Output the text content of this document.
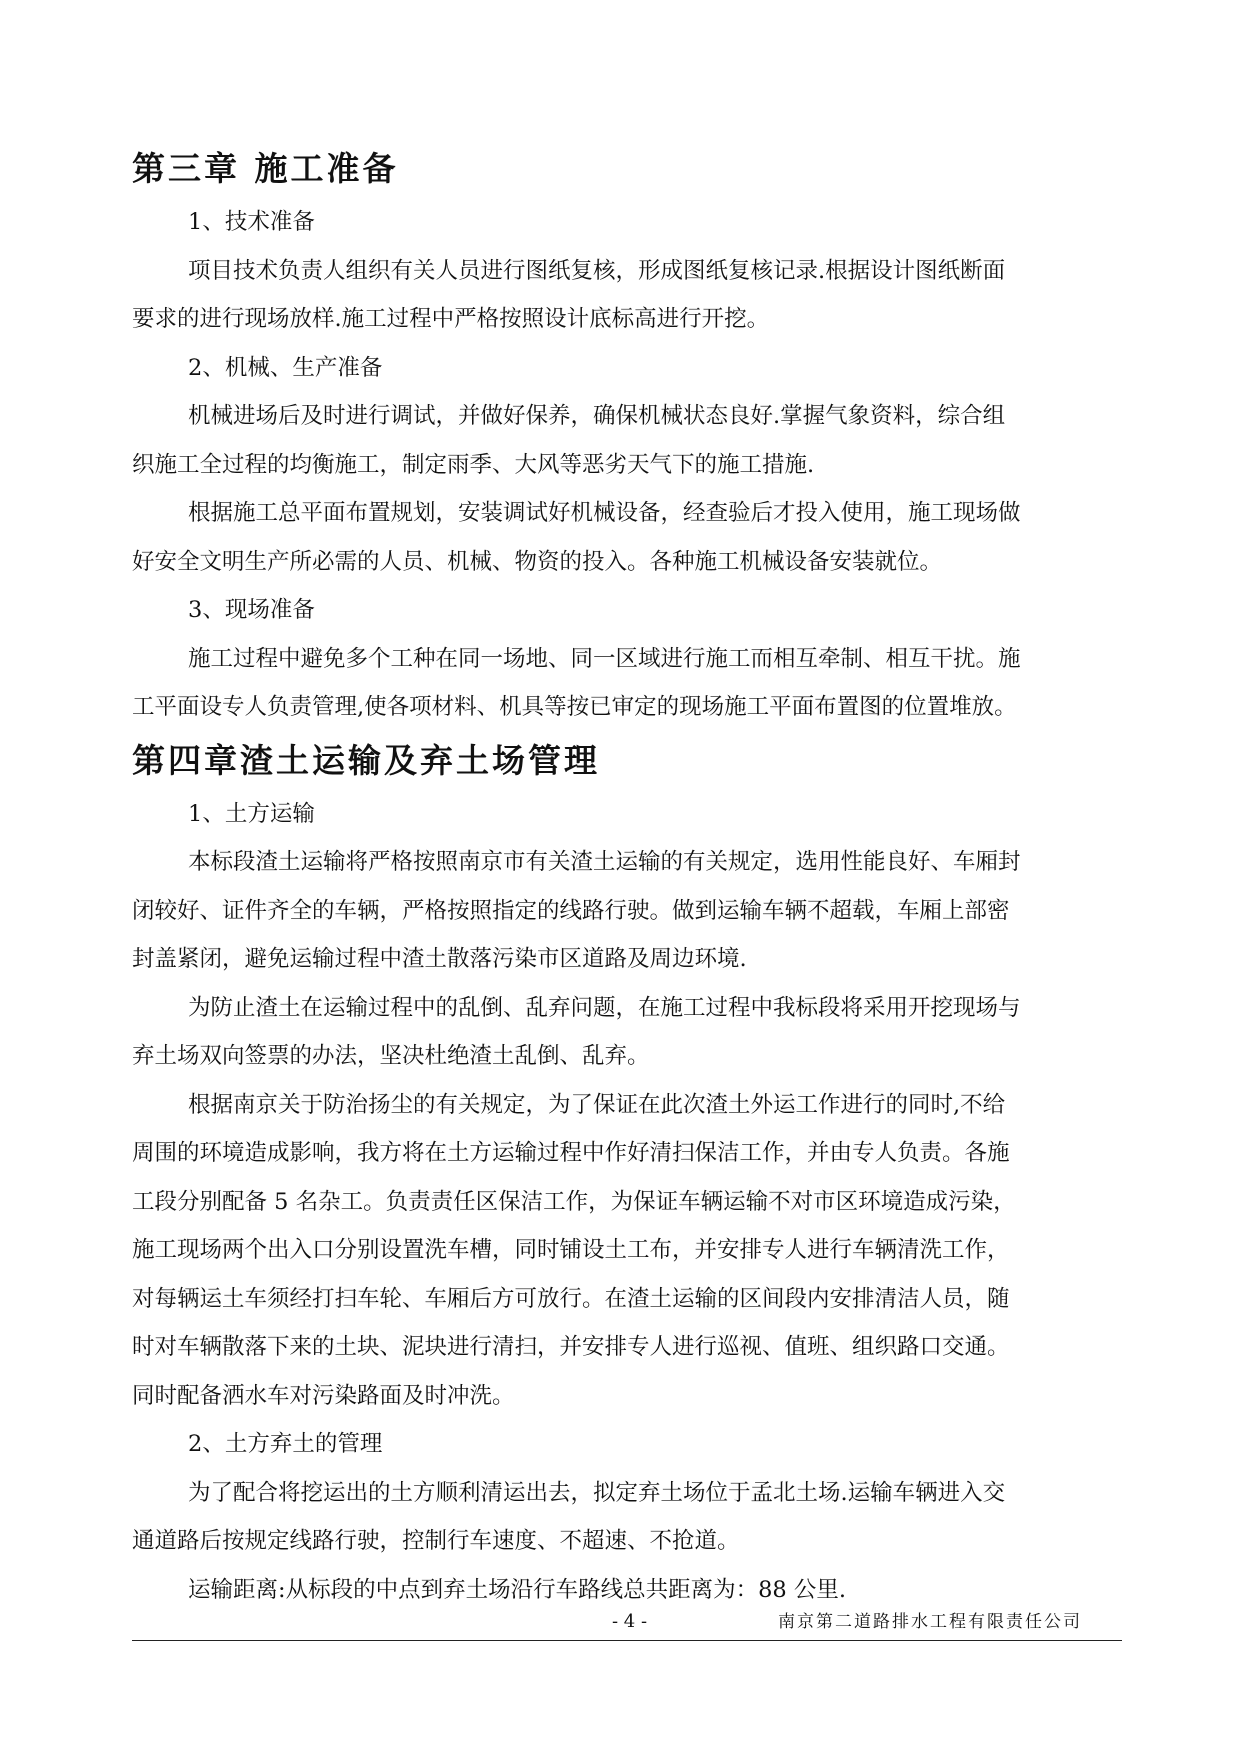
第三章 施工准备

1、技术准备

项目技术负责人组织有关人员进行图纸复核，形成图纸复核记录.根据设计图纸断面

要求的进行现场放样.施工过程中严格按照设计底标高进行开挖。

2、机械、生产准备

机械进场后及时进行调试，并做好保养，确保机械状态良好.掌握气象资料，综合组

织施工全过程的均衡施工，制定雨季、大风等恶劣天气下的施工措施.

根据施工总平面布置规划，安装调试好机械设备，经查验后才投入使用，施工现场做

好安全文明生产所必需的人员、机械、物资的投入。各种施工机械设备安装就位。

3、现场准备

施工过程中避免多个工种在同一场地、同一区域进行施工而相互牵制、相互干扰。施

工平面设专人负责管理,使各项材料、机具等按已审定的现场施工平面布置图的位置堆放。

第四章渣土运输及弃土场管理

1、土方运输

本标段渣土运输将严格按照南京市有关渣土运输的有关规定，选用性能良好、车厢封

闭较好、证件齐全的车辆，严格按照指定的线路行驶。做到运输车辆不超载，车厢上部密

封盖紧闭，避免运输过程中渣土散落污染市区道路及周边环境.

为防止渣土在运输过程中的乱倒、乱弃问题，在施工过程中我标段将采用开挖现场与

弃土场双向签票的办法，坚决杜绝渣土乱倒、乱弃。

根据南京关于防治扬尘的有关规定，为了保证在此次渣土外运工作进行的同时,不给

周围的环境造成影响，我方将在土方运输过程中作好清扫保洁工作，并由专人负责。各施

工段分别配备 5 名杂工。负责责任区保洁工作，为保证车辆运输不对市区环境造成污染，

施工现场两个出入口分别设置洗车槽，同时铺设土工布，并安排专人进行车辆清洗工作，

对每辆运土车须经打扫车轮、车厢后方可放行。在渣土运输的区间段内安排清洁人员，随

时对车辆散落下来的土块、泥块进行清扫，并安排专人进行巡视、值班、组织路口交通。

同时配备洒水车对污染路面及时冲洗。

2、土方弃土的管理

为了配合将挖运出的土方顺利清运出去，拟定弃土场位于孟北土场.运输车辆进入交

通道路后按规定线路行驶，控制行车速度、不超速、不抢道。

运输距离:从标段的中点到弃土场沿行车路线总共距离为：88 公里.

- 4 -	南京第二道路排水工程有限责任公司
